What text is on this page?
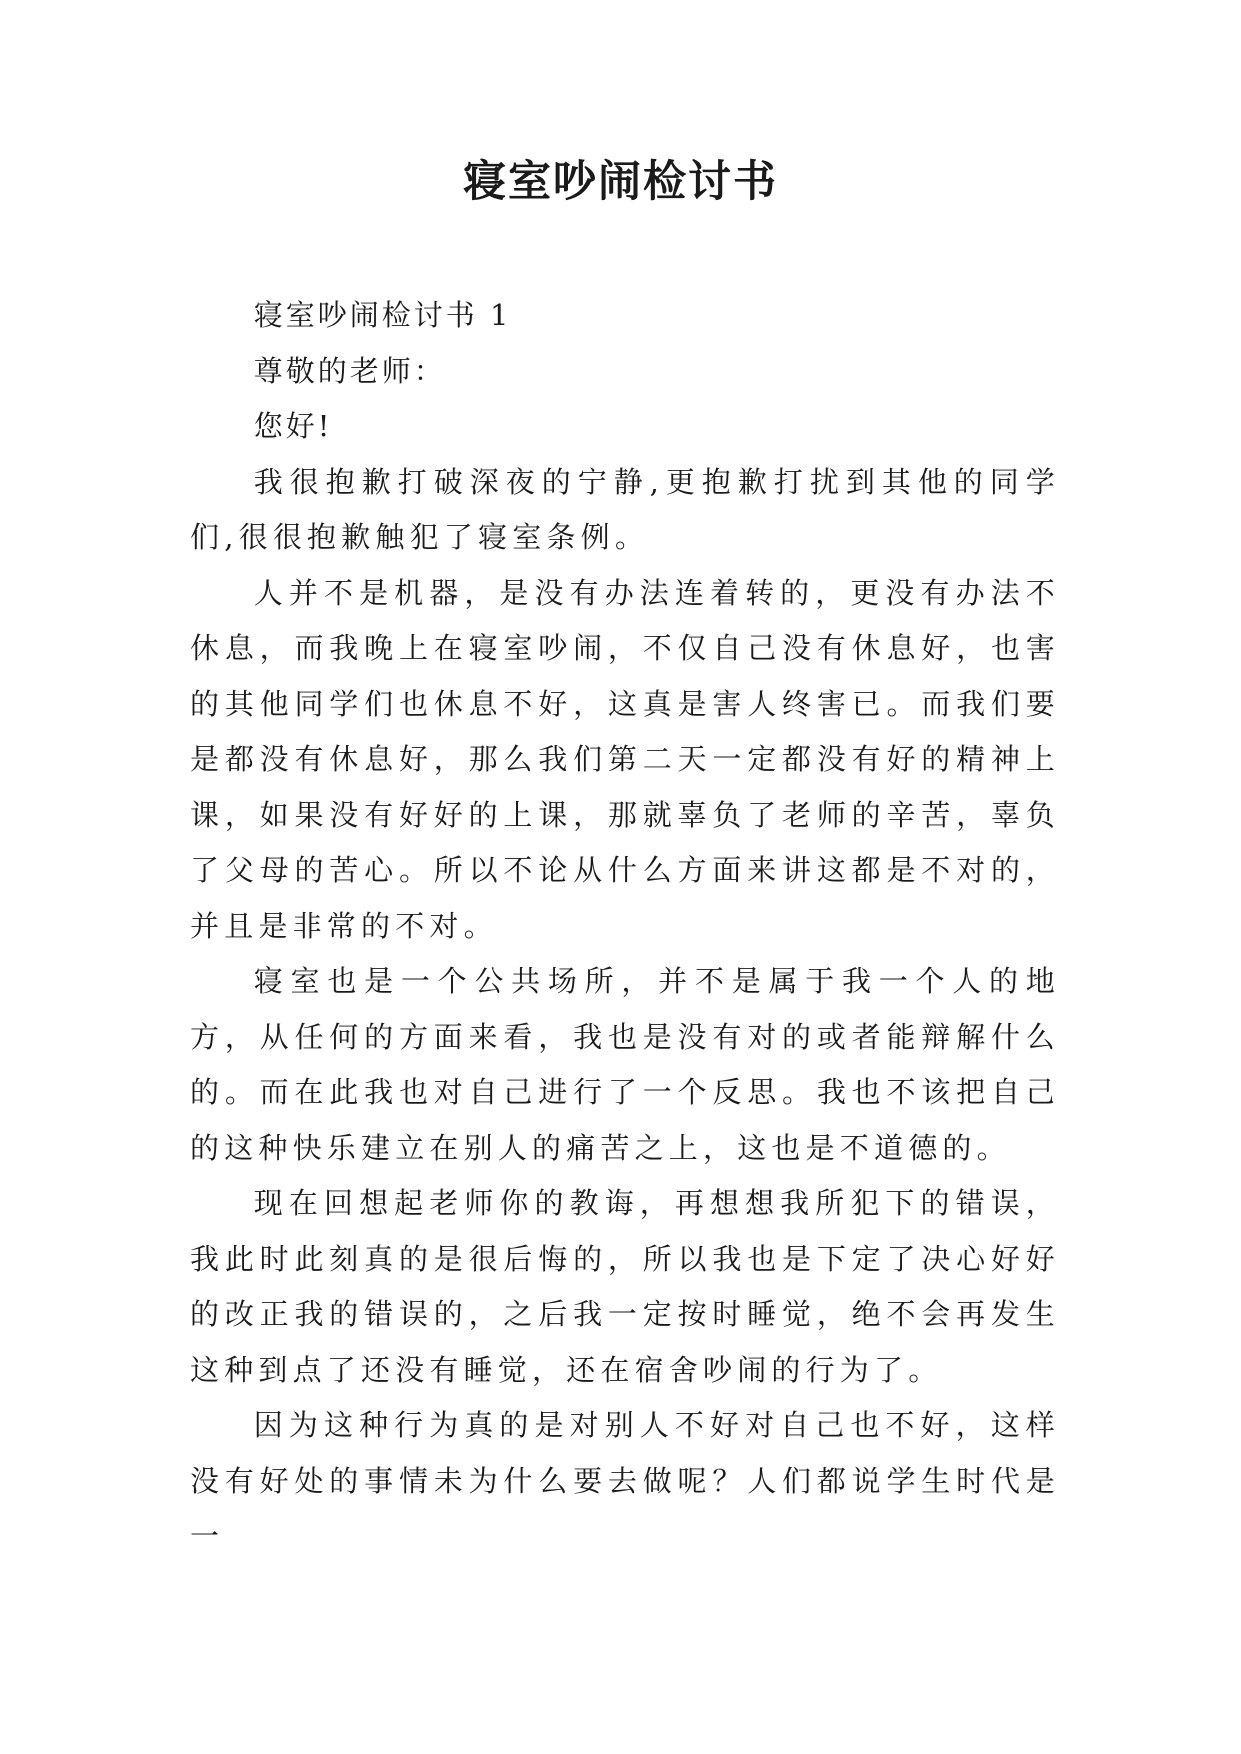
寝室吵闹检讨书

寝室吵闹检讨书 1

尊敬的老师：

您好!

我很抱歉打破深夜的宁静,更抱歉打扰到其他的同学们,很很抱歉触犯了寝室条例。

人并不是机器，是没有办法连着转的，更没有办法不休息，而我晚上在寝室吵闹，不仅自己没有休息好，也害的其他同学们也休息不好，这真是害人终害已。而我们要是都没有休息好，那么我们第二天一定都没有好的精神上课，如果没有好好的上课，那就辜负了老师的辛苦，辜负了父母的苦心。所以不论从什么方面来讲这都是不对的，并且是非常的不对。

寝室也是一个公共场所，并不是属于我一个人的地方，从任何的方面来看，我也是没有对的或者能辩解什么的。而在此我也对自己进行了一个反思。我也不该把自己的这种快乐建立在别人的痛苦之上，这也是不道德的。

现在回想起老师你的教诲，再想想我所犯下的错误，我此时此刻真的是很后悔的，所以我也是下定了决心好好的改正我的错误的，之后我一定按时睡觉，绝不会再发生这种到点了还没有睡觉，还在宿舍吵闹的行为了。

因为这种行为真的是对别人不好对自己也不好，这样没有好处的事情未为什么要去做呢？人们都说学生时代是一
